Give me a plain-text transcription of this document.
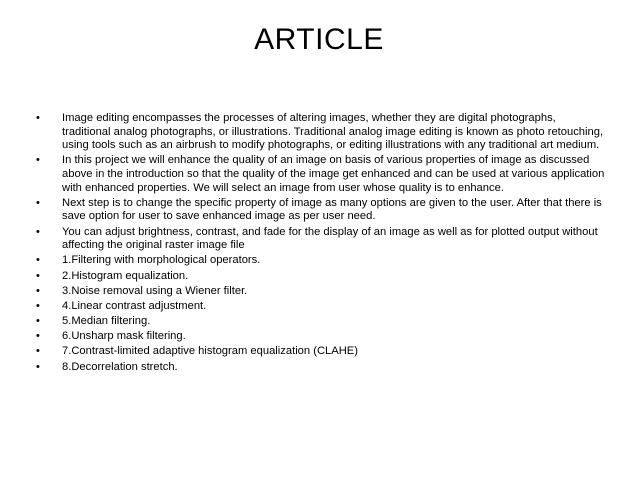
ARTICLE
•	Image editing encompasses the processes of altering images, whether they are digital photographs, traditional analog photographs, or illustrations. Traditional analog image editing is known as photo retouching, using tools such as an airbrush to modify photographs, or editing illustrations with any traditional art medium.
•	In this project we will enhance the quality of an image on basis of various properties of image as discussed above in the introduction so that the quality of the image get enhanced and can be used at various application with enhanced properties. We will select an image from user whose quality is to enhance.
•	Next step is to change the specific property of image as many options are given to the user. After that there is save option for user to save enhanced image as per user need.
•	You can adjust brightness, contrast, and fade for the display of an image as well as for plotted output without affecting the original raster image file
•	1.Filtering with morphological operators.
•	2.Histogram equalization.
•	3.Noise removal using a Wiener filter.
•	4.Linear contrast adjustment.
•	5.Median filtering.
•	6.Unsharp mask filtering.
•	7.Contrast-limited adaptive histogram equalization (CLAHE)
•	8.Decorrelation stretch.
